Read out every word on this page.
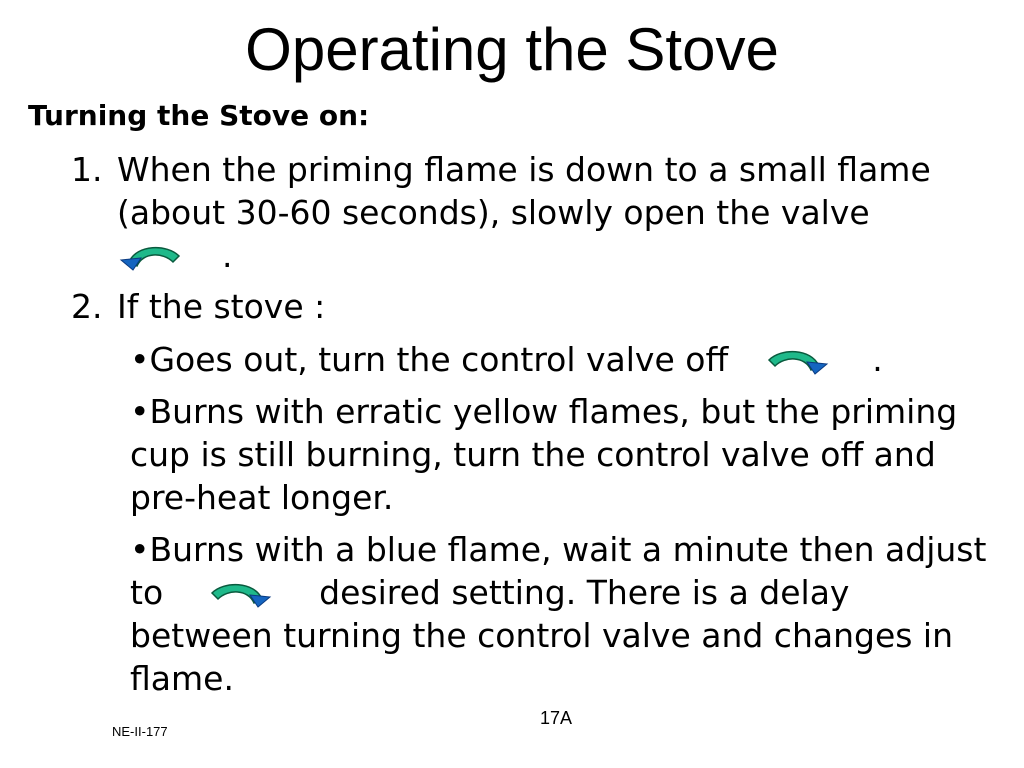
Operating the Stove

Turning the Stove on:

1. When the priming flame is down to a small flame (about 30-60 seconds), slowly open the valve    .
2. If the stove :
•Goes out, turn the control valve off	.
•Burns with erratic yellow flames, but the priming cup is still burning, turn the control valve off and pre-heat longer.
•Burns with a blue flame, wait a minute then adjust to	desired setting. There is a delay between turning the control valve and changes in flame.
NE-II-177
17A
